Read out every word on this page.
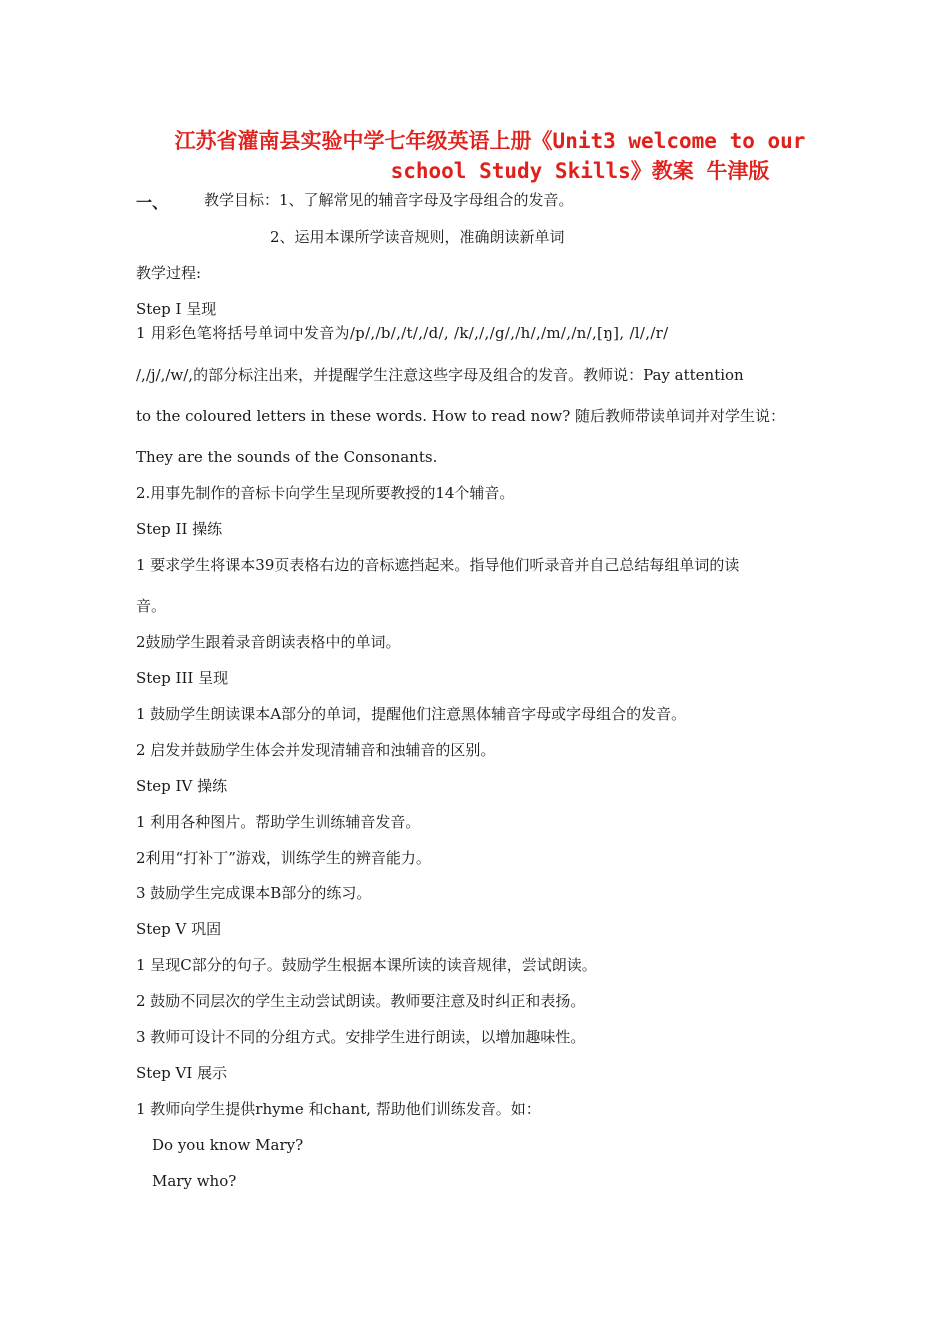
江苏省灌南县实验中学七年级英语上册《Unit3 welcome to our
school Study Skills》教案 牛津版
一、 教学目标：1、了解常见的辅音字母及字母组合的发音。
2、运用本课所学读音规则，准确朗读新单词
教学过程:
Step I 呈现
1 用彩色笔将括号单词中发音为/p/,/b/,/t/,/d/, /k/,/,/g/,/h/,/m/,/n/,[ŋ], /l/,/r/
/,/j/,/w/,的部分标注出来，并提醒学生注意这些字母及组合的发音。教师说：Pay attention
to the coloured letters in these words. How to read now? 随后教师带读单词并对学生说：
They are the sounds of the Consonants.
2.用事先制作的音标卡向学生呈现所要教授的14个辅音。
Step II 操练
1 要求学生将课本39页表格右边的音标遮挡起来。指导他们听录音并自己总结每组单词的读
音。
2鼓励学生跟着录音朗读表格中的单词。
Step III 呈现
1 鼓励学生朗读课本A部分的单词，提醒他们注意黑体辅音字母或字母组合的发音。
2 启发并鼓励学生体会并发现清辅音和浊辅音的区别。
Step IV 操练
1 利用各种图片。帮助学生训练辅音发音。
2利用“打补丁”游戏，训练学生的辨音能力。
3 鼓励学生完成课本B部分的练习。
Step V 巩固
1 呈现C部分的句子。鼓励学生根据本课所读的读音规律，尝试朗读。
2 鼓励不同层次的学生主动尝试朗读。教师要注意及时纠正和表扬。
3 教师可设计不同的分组方式。安排学生进行朗读，以增加趣味性。
Step VI 展示
1 教师向学生提供rhyme 和chant, 帮助他们训练发音。如：
Do you know Mary?
Mary who?
